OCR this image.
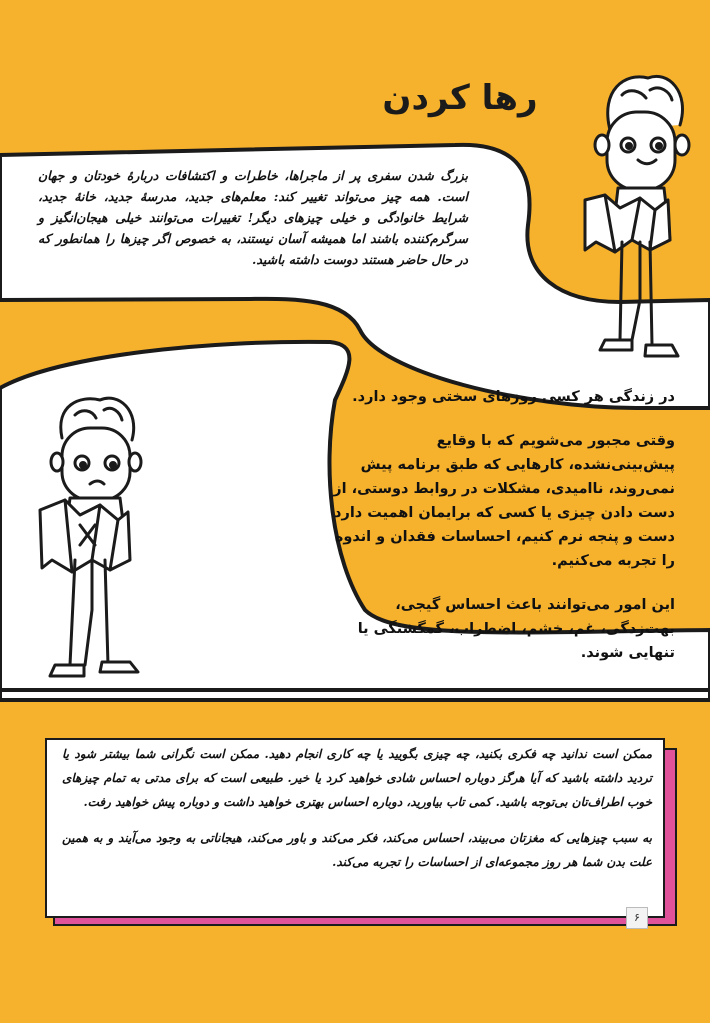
رها کردن
بزرگ شدن سفری پر از ماجراها، خاطرات و اکتشافات دربارهٔ خودتان و جهان است. همه چیز می‌تواند تغییر کند: معلم‌های جدید، مدرسهٔ جدید، خانهٔ جدید، شرایط خانوادگی و خیلی چیزهای دیگر! تغییرات می‌توانند خیلی هیجان‌انگیز و سرگرم‌کننده باشند اما همیشه آسان نیستند، به خصوص اگر چیزها را همانطور که در حال حاضر هستند دوست داشته باشید.

در زندگی هر کسی روزهای سختی وجود دارد.

وقتی مجبور می‌شویم که با وقایع پیش‌بینی‌نشده، کارهایی که طبق برنامه پیش نمی‌روند، ناامیدی، مشکلات در روابط دوستی، از دست دادن چیزی یا کسی که برایمان اهمیت دارد دست و پنجه نرم کنیم، احساسات فقدان و اندوه را تجربه می‌کنیم.

این امور می‌توانند باعث احساس گیجی، بهت‌زدگی، غم، خشم، اضطراب، گمگشتگی یا تنهایی شوند.

ممکن است ندانید چه فکری بکنید، چه چیزی بگویید یا چه کاری انجام دهید. ممکن است نگرانی شما بیشتر شود یا تردید داشته باشید که آیا هرگز دوباره احساس شادی خواهید کرد یا خیر. طبیعی است که برای مدتی به تمام چیزهای خوب اطراف‌تان بی‌توجه باشید. کمی تاب بیاورید، دوباره احساس بهتری خواهید داشت و دوباره پیش خواهید رفت.

به سبب چیزهایی که مغزتان می‌بیند، احساس می‌کند، فکر می‌کند و باور می‌کند، هیجاناتی به وجود می‌آیند و به همین علت بدن شما هر روز مجموعه‌ای از احساسات را تجربه می‌کند.

۶
